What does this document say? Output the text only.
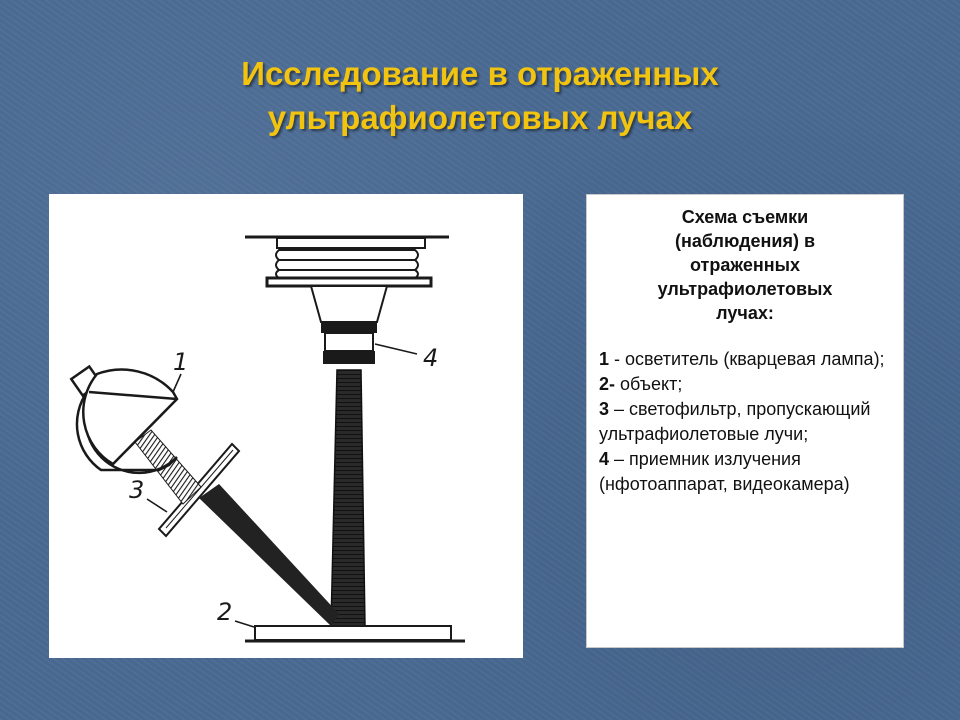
Исследование в отраженных
ультрафиолетовых лучах
1
3
4
2
Схема съемки
(наблюдения) в
отраженных
ультрафиолетовых
лучах:

1 - осветитель (кварцевая лампа);

2- объект;

3 – светофильтр, пропускающий ультрафиолетовые лучи;

4 – приемник излучения (нфотоаппарат, видеокамера)
